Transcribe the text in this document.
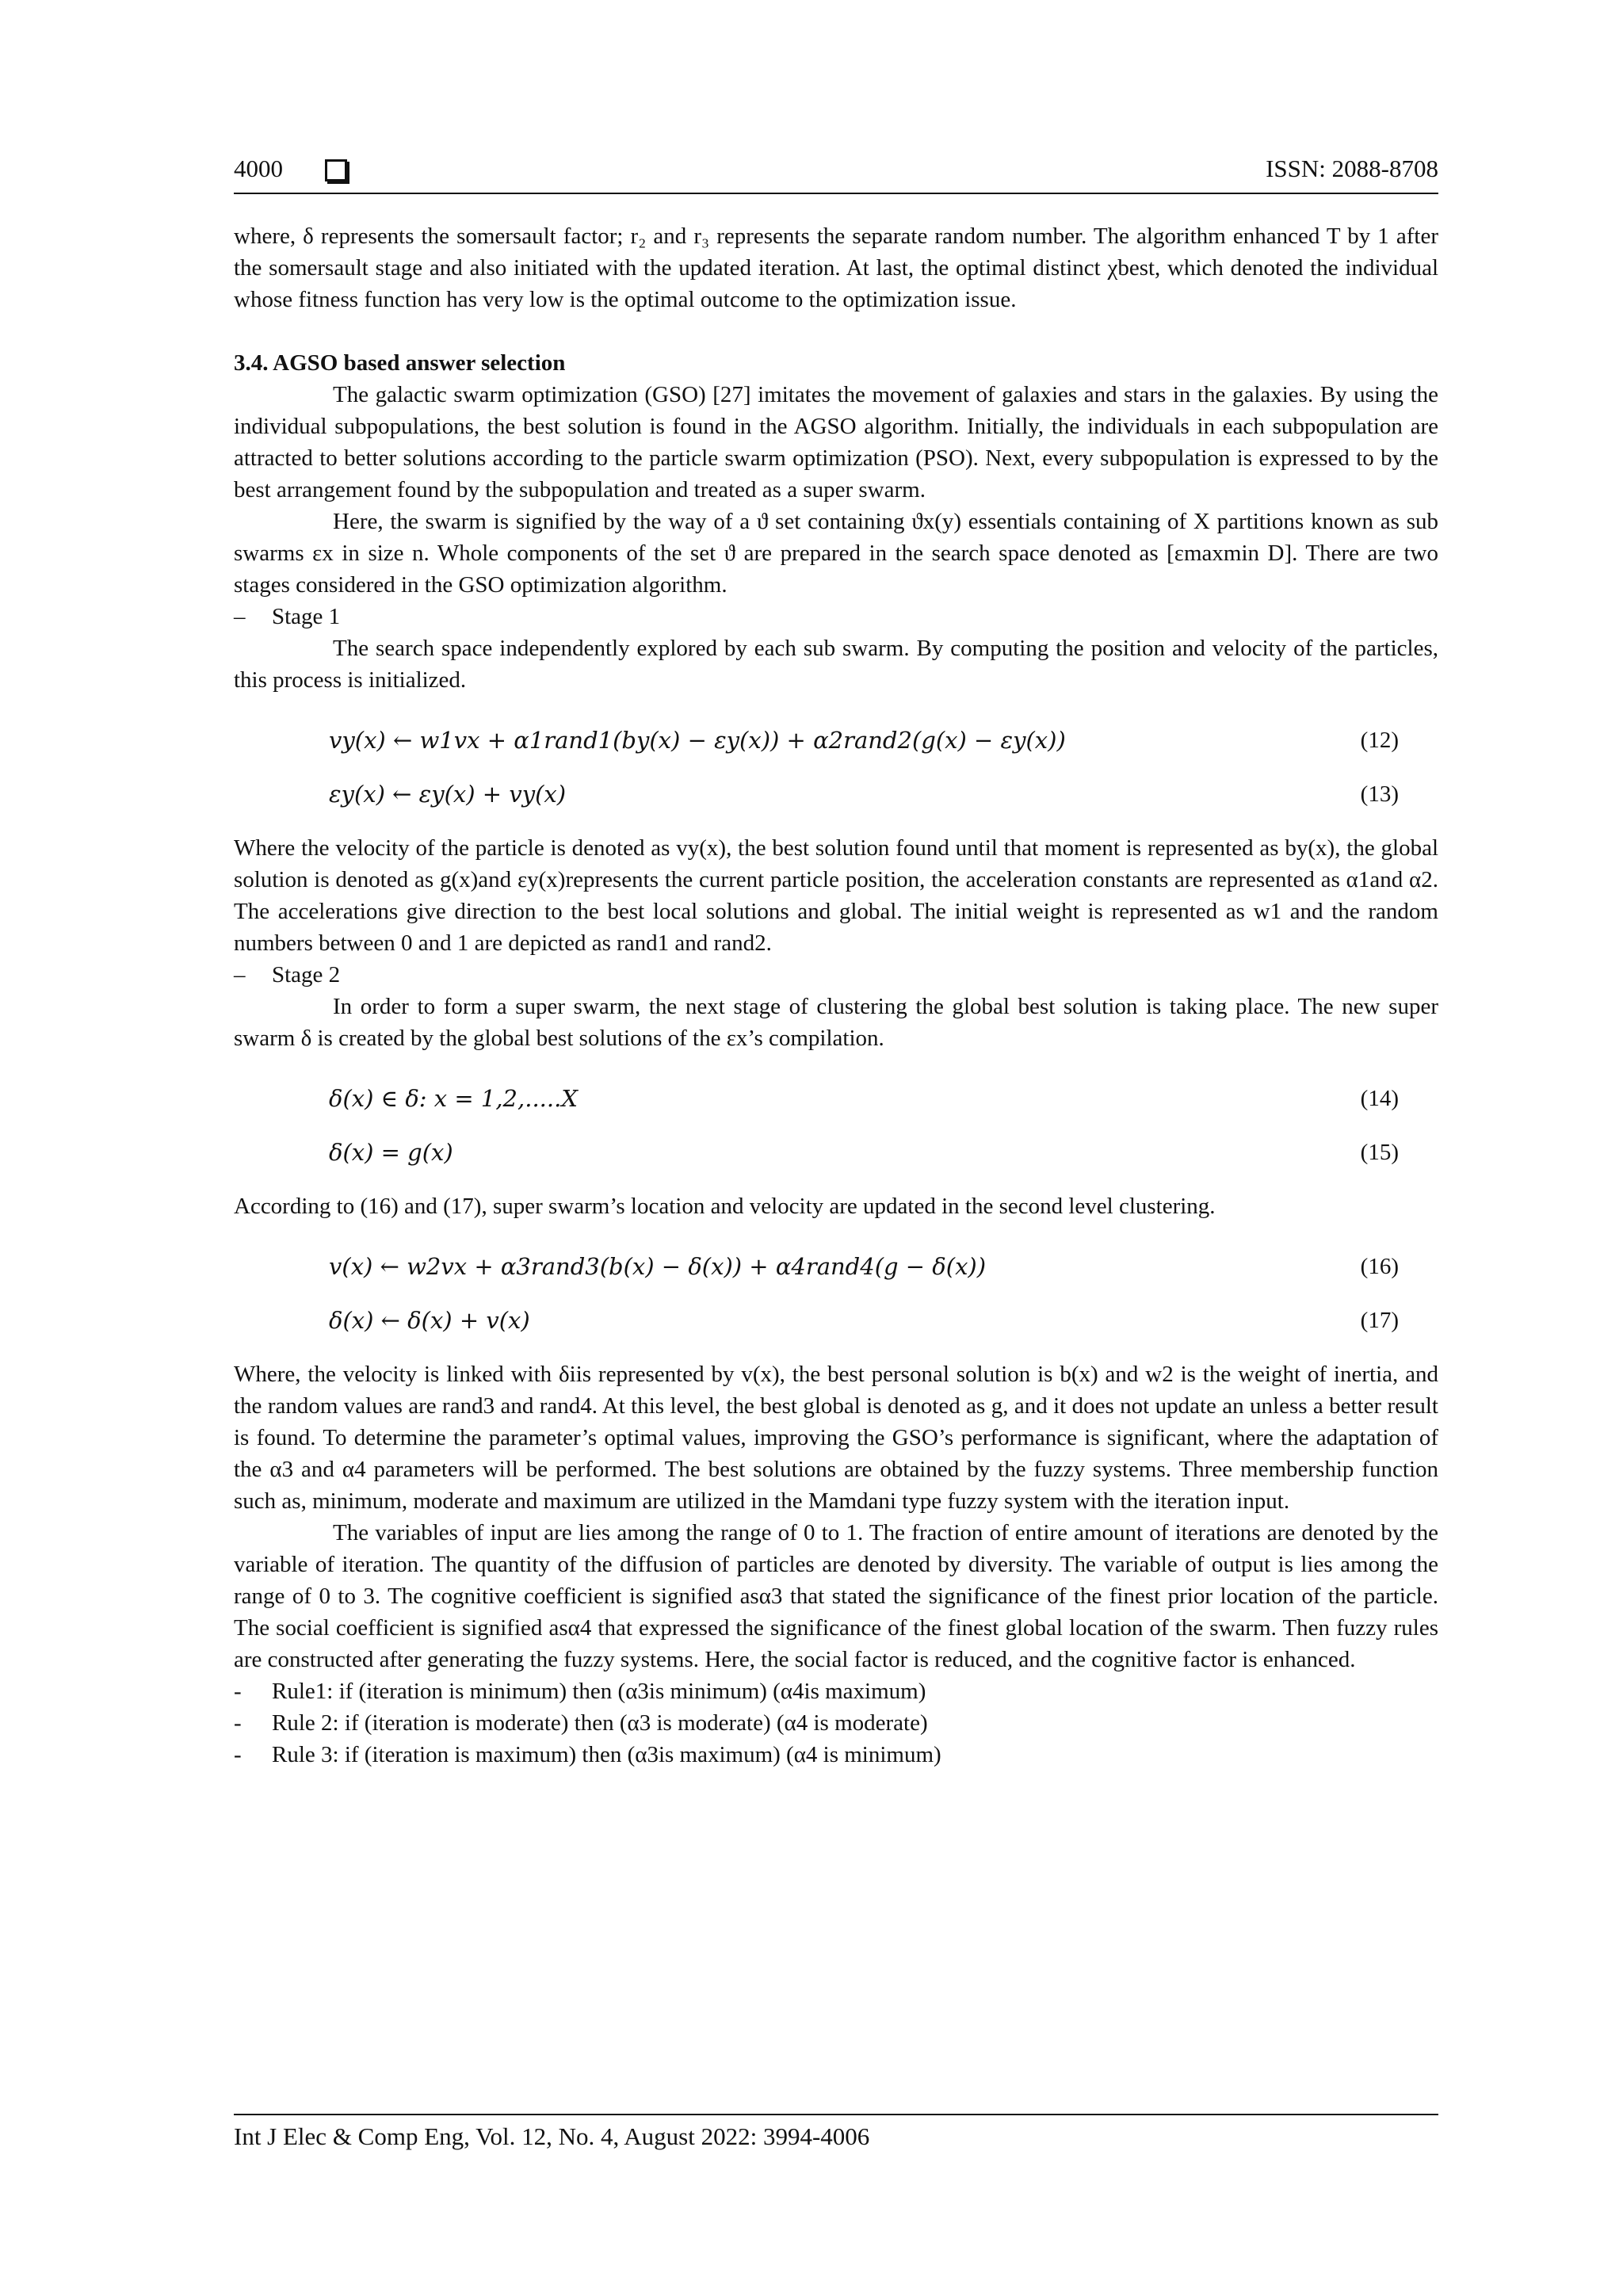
4000	ISSN: 2088-8708

where, δ represents the somersault factor; r₂ and r₃ represents the separate random number. The algorithm enhanced T by 1 after the somersault stage and also initiated with the updated iteration. At last, the optimal distinct χbest, which denoted the individual whose fitness function has very low is the optimal outcome to the optimization issue.

3.4. AGSO based answer selection

The galactic swarm optimization (GSO) [27] imitates the movement of galaxies and stars in the galaxies. By using the individual subpopulations, the best solution is found in the AGSO algorithm. Initially, the individuals in each subpopulation are attracted to better solutions according to the particle swarm optimization (PSO). Next, every subpopulation is expressed to by the best arrangement found by the subpopulation and treated as a super swarm.

Here, the swarm is signified by the way of a ϑ set containing ϑx(y) essentials containing of X partitions known as sub swarms εx in size n. Whole components of the set ϑ are prepared in the search space denoted as [εmaxmin D]. There are two stages considered in the GSO optimization algorithm.

– Stage 1

The search space independently explored by each sub swarm. By computing the position and velocity of the particles, this process is initialized.

vy(x) ← w1vx + α1rand1(by(x) − εy(x)) + α2rand2(g(x) − εy(x))	(12)
εy(x) ← εy(x) + vy(x)	(13)

Where the velocity of the particle is denoted as vy(x), the best solution found until that moment is represented as by(x), the global solution is denoted as g(x)and εy(x)represents the current particle position, the acceleration constants are represented as α1and α2. The accelerations give direction to the best local solutions and global. The initial weight is represented as w1 and the random numbers between 0 and 1 are depicted as rand1 and rand2.

– Stage 2

In order to form a super swarm, the next stage of clustering the global best solution is taking place. The new super swarm δ is created by the global best solutions of the εx’s compilation.

δ(x) ∈ δ: x = 1,2,.....X	(14)
δ(x) = g(x)	(15)

According to (16) and (17), super swarm’s location and velocity are updated in the second level clustering.

v(x) ← w2vx + α3rand3(b(x) − δ(x)) + α4rand4(g − δ(x))	(16)
δ(x) ← δ(x) + v(x)	(17)

Where, the velocity is linked with δiis represented by v(x), the best personal solution is b(x) and w2 is the weight of inertia, and the random values are rand3 and rand4. At this level, the best global is denoted as g, and it does not update an unless a better result is found. To determine the parameter’s optimal values, improving the GSO’s performance is significant, where the adaptation of the α3 and α4 parameters will be performed. The best solutions are obtained by the fuzzy systems. Three membership function such as, minimum, moderate and maximum are utilized in the Mamdani type fuzzy system with the iteration input.

The variables of input are lies among the range of 0 to 1. The fraction of entire amount of iterations are denoted by the variable of iteration. The quantity of the diffusion of particles are denoted by diversity. The variable of output is lies among the range of 0 to 3. The cognitive coefficient is signified asα3 that stated the significance of the finest prior location of the particle. The social coefficient is signified asα4 that expressed the significance of the finest global location of the swarm. Then fuzzy rules are constructed after generating the fuzzy systems. Here, the social factor is reduced, and the cognitive factor is enhanced.

- Rule1: if (iteration is minimum) then (α3is minimum) (α4is maximum)

- Rule 2: if (iteration is moderate) then (α3 is moderate) (α4 is moderate)

- Rule 3: if (iteration is maximum) then (α3is maximum) (α4 is minimum)

Int J Elec & Comp Eng, Vol. 12, No. 4, August 2022: 3994-4006
